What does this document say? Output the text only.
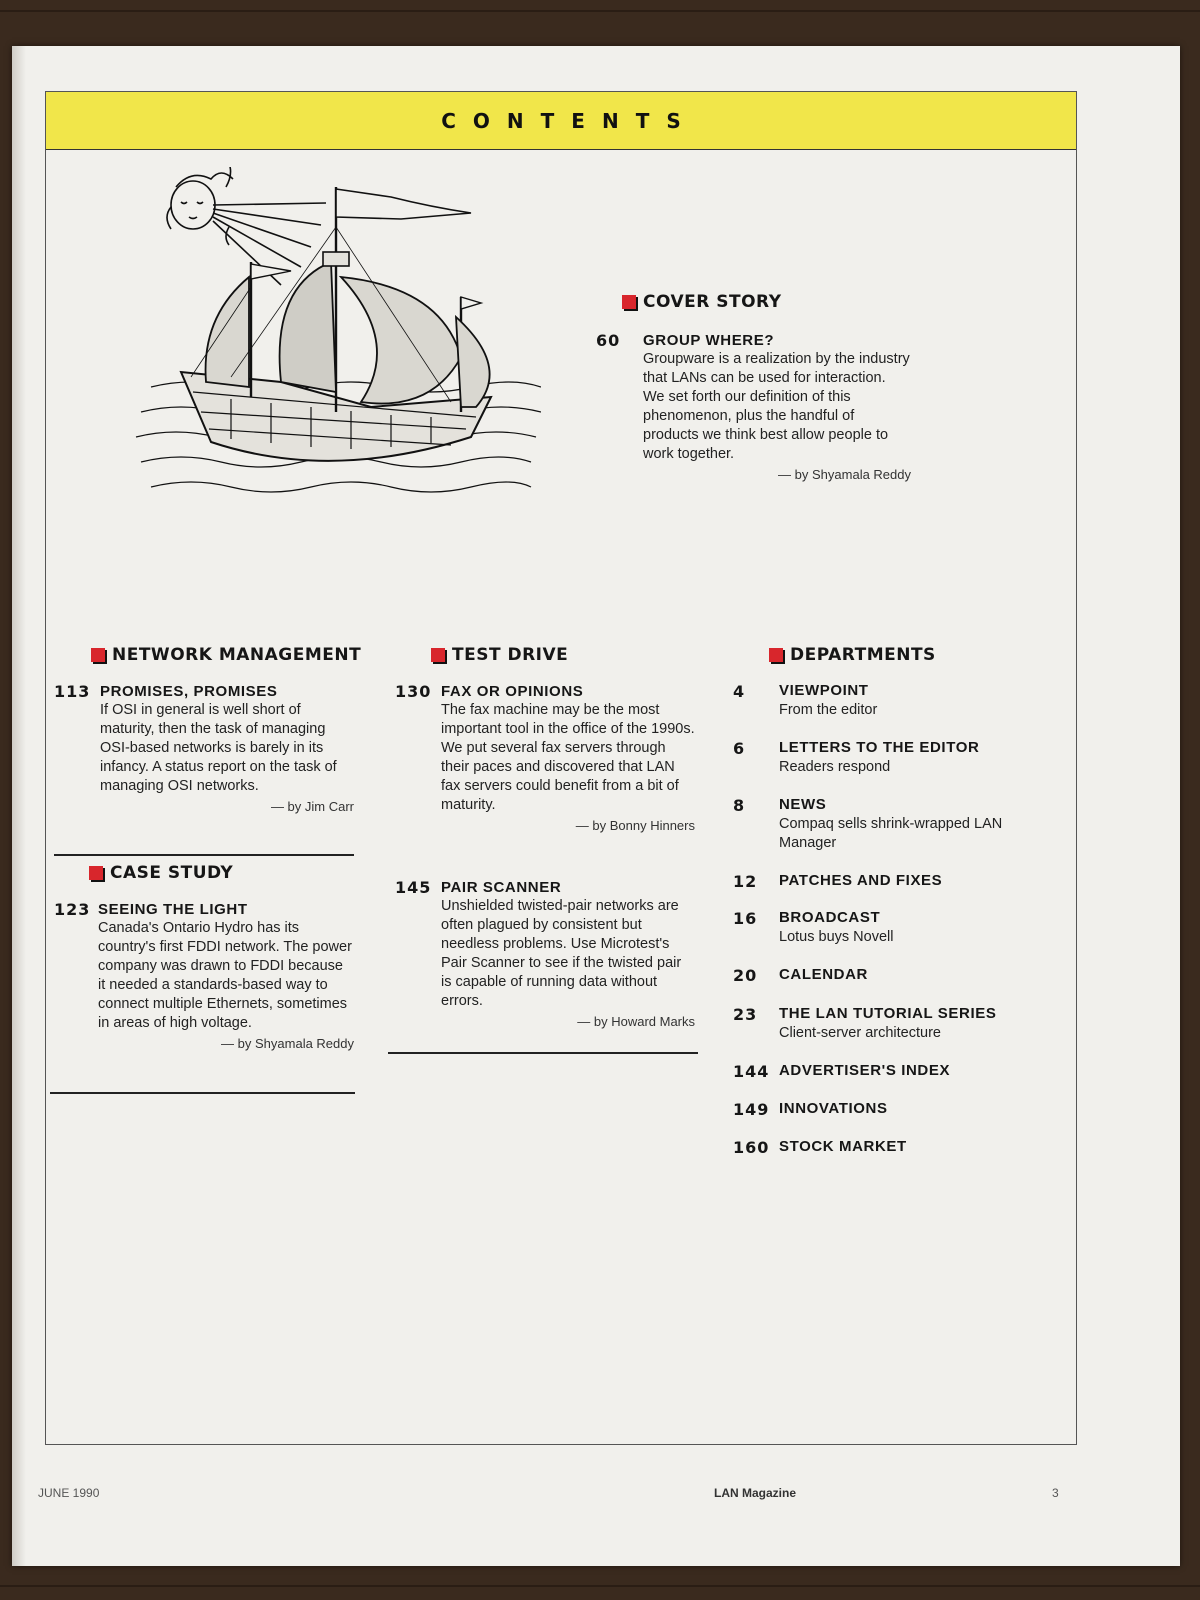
CONTENTS
COVER STORY
60 GROUP WHERE?
Groupware is a realization by the industry that LANs can be used for interaction. We set forth our definition of this phenomenon, plus the handful of products we think best allow people to work together.
— by Shyamala Reddy
NETWORK MANAGEMENT
113 PROMISES, PROMISES
If OSI in general is well short of maturity, then the task of managing OSI-based networks is barely in its infancy. A status report on the task of managing OSI networks.
— by Jim Carr
CASE STUDY
123 SEEING THE LIGHT
Canada's Ontario Hydro has its country's first FDDI network. The power company was drawn to FDDI because it needed a standards-based way to connect multiple Ethernets, sometimes in areas of high voltage.
— by Shyamala Reddy
TEST DRIVE
130 FAX OR OPINIONS
The fax machine may be the most important tool in the office of the 1990s. We put several fax servers through their paces and discovered that LAN fax servers could benefit from a bit of maturity.
— by Bonny Hinners
145 PAIR SCANNER
Unshielded twisted-pair networks are often plagued by consistent but needless problems. Use Microtest's Pair Scanner to see if the twisted pair is capable of running data without errors.
— by Howard Marks
DEPARTMENTS
4 VIEWPOINT
From the editor
6 LETTERS TO THE EDITOR
Readers respond
8 NEWS
Compaq sells shrink-wrapped LAN Manager
12 PATCHES AND FIXES
16 BROADCAST
Lotus buys Novell
20 CALENDAR
23 THE LAN TUTORIAL SERIES
Client-server architecture
144 ADVERTISER'S INDEX
149 INNOVATIONS
160 STOCK MARKET
JUNE 1990	LAN Magazine	3
